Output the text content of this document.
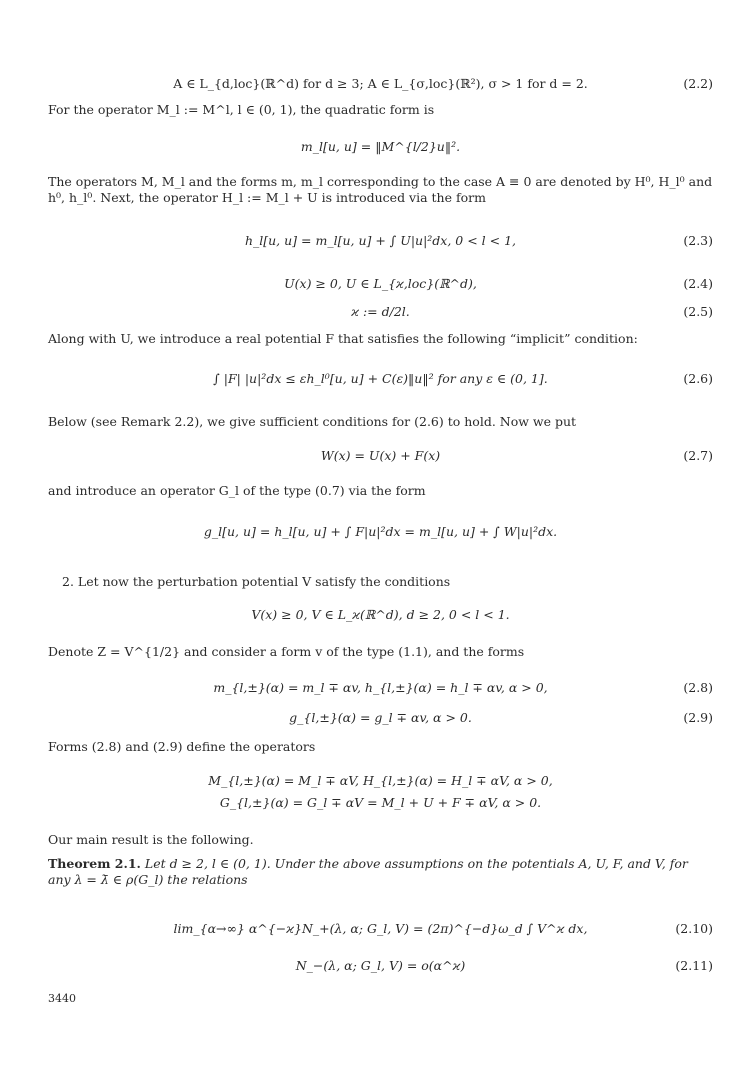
A ∈ L_{d,loc}(ℝ^d) for d ≥ 3; A ∈ L_{σ,loc}(ℝ²), σ > 1 for d = 2.	(2.2)
For the operator M_l := M^l, l ∈ (0, 1), the quadratic form is
m_l[u, u] = ‖M^{l/2}u‖².
The operators M, M_l and the forms m, m_l corresponding to the case A ≡ 0 are denoted by H⁰, H_l⁰ and
h⁰, h_l⁰. Next, the operator H_l := M_l + U is introduced via the form
h_l[u, u] = m_l[u, u] + ∫ U|u|²dx, 0 < l < 1,	(2.3)
U(x) ≥ 0, U ∈ L_{ϰ,loc}(ℝ^d),	(2.4)
ϰ := d/2l.	(2.5)
Along with U, we introduce a real potential F that satisfies the following “implicit” condition:
∫ |F| |u|²dx ≤ εh_l⁰[u, u] + C(ε)‖u‖² for any ε ∈ (0, 1].	(2.6)
Below (see Remark 2.2), we give sufficient conditions for (2.6) to hold. Now we put
W(x) = U(x) + F(x)	(2.7)
and introduce an operator G_l of the type (0.7) via the form
g_l[u, u] = h_l[u, u] + ∫ F|u|²dx = m_l[u, u] + ∫ W|u|²dx.
2. Let now the perturbation potential V satisfy the conditions
V(x) ≥ 0, V ∈ L_ϰ(ℝ^d), d ≥ 2, 0 < l < 1.
Denote Z = V^{1/2} and consider a form v of the type (1.1), and the forms
m_{l,±}(α) = m_l ∓ αv, h_{l,±}(α) = h_l ∓ αv, α > 0,	(2.8)
g_{l,±}(α) = g_l ∓ αv, α > 0.	(2.9)
Forms (2.8) and (2.9) define the operators
M_{l,±}(α) = M_l ∓ αV, H_{l,±}(α) = H_l ∓ αV, α > 0,
G_{l,±}(α) = G_l ∓ αV = M_l + U + F ∓ αV, α > 0.
Our main result is the following.
Theorem 2.1. Let d ≥ 2, l ∈ (0, 1). Under the above assumptions on the potentials A, U, F, and V, for
any λ = λ̄ ∈ ρ(G_l) the relations
lim_{α→∞} α^{−ϰ}N_+(λ, α; G_l, V) = (2π)^{−d}ω_d ∫ V^ϰ dx,	(2.10)
N_−(λ, α; G_l, V) = o(α^ϰ)	(2.11)
3440
